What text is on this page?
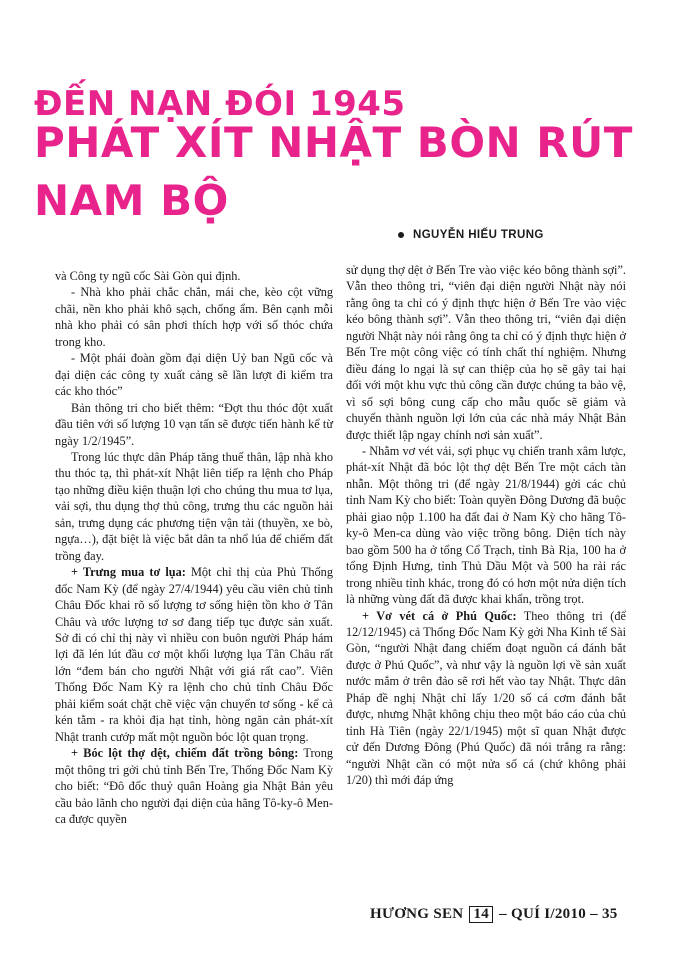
ĐẾN NẠN ĐÓI 1945
PHÁT XÍT NHẬT BÒN RÚT
NAM BỘ
NGUYỄN HIẾU TRUNG

và Công ty ngũ cốc Sài Gòn qui định.

- Nhà kho phải chắc chắn, mái che, kèo cột vững chãi, nền kho phải khô sạch, chống ẩm. Bên cạnh mỗi nhà kho phải có sân phơi thích hợp với số thóc chứa trong kho.

- Một phái đoàn gồm đại diện Uỷ ban Ngũ cốc và đại diện các công ty xuất cảng sẽ lần lượt đi kiểm tra các kho thóc”

Bản thông tri cho biết thêm: “Đợt thu thóc đột xuất đầu tiên với số lượng 10 vạn tấn sẽ được tiến hành kể từ ngày 1/2/1945”.

Trong lúc thực dân Pháp tăng thuế thân, lập nhà kho thu thóc tạ, thì phát-xít Nhật liên tiếp ra lệnh cho Pháp tạo những điều kiện thuận lợi cho chúng thu mua tơ lụa, vải sợi, thu dụng thợ thủ công, trưng thu các nguồn hải sản, trưng dụng các phương tiện vận tải (thuyền, xe bò, ngựa…), đặt biệt là việc bắt dân ta nhổ lúa để chiếm đất trồng đay.

+ Trưng mua tơ lụa: Một chỉ thị của Phủ Thống đốc Nam Kỳ (để ngày 27/4/1944) yêu cầu viên chủ tỉnh Châu Đốc khai rõ số lượng tơ sống hiện tồn kho ở Tân Châu và ước lượng tơ sơ đang tiếp tục được sản xuất. Sở đi có chỉ thị này vì nhiều con buôn người Pháp hám lợi đã lén lút đầu cơ một khối lượng lụa Tân Châu rất lớn “đem bán cho người Nhật với giá rất cao”. Viên Thống Đốc Nam Kỳ ra lệnh cho chủ tỉnh Châu Đốc phải kiểm soát chặt chẽ việc vận chuyển tơ sống - kể cả kén tằm - ra khỏi địa hạt tỉnh, hòng ngăn cản phát-xít Nhật tranh cướp mất một nguồn bóc lột quan trọng.

+ Bóc lột thợ dệt, chiếm đất trồng bông: Trong một thông tri gởi chủ tỉnh Bến Tre, Thống Đốc Nam Kỳ cho biết: “Đô đốc thuỷ quân Hoàng gia Nhật Bản yêu cầu bảo lãnh cho người đại diện của hãng Tô-ky-ô Men-ca được quyền

sử dụng thợ dệt ở Bến Tre vào việc kéo bông thành sợi”. Vẫn theo thông tri, “viên đại diện người Nhật này nói rằng ông ta chỉ có ý định thực hiện ở Bến Tre vào việc kéo bông thành sợi”. Vẫn theo thông tri, “viên đại diện người Nhật này nói rằng ông ta chỉ có ý định thực hiện ở Bến Tre một công việc có tính chất thí nghiệm. Nhưng điều đáng lo ngại là sự can thiệp của họ sẽ gây tai hại đối với một khu vực thủ công cần được chúng ta bảo vệ, vì số sợi bông cung cấp cho mẫu quốc sẽ giảm và chuyển thành nguồn lợi lớn của các nhà máy Nhật Bản được thiết lập ngay chính nơi sản xuất”.

- Nhằm vơ vét vải, sợi phục vụ chiến tranh xâm lược, phát-xít Nhật đã bóc lột thợ dệt Bến Tre một cách tàn nhẫn. Một thông tri (để ngày 21/8/1944) gởi các chủ tỉnh Nam Kỳ cho biết: Toàn quyền Đông Dương đã buộc phải giao nộp 1.100 ha đất đai ở Nam Kỳ cho hãng Tô-ky-ô Men-ca dùng vào việc trồng bông. Diện tích này bao gồm 500 ha ở tổng Cổ Trạch, tỉnh Bà Rịa, 100 ha ở tổng Định Hưng, tỉnh Thủ Dầu Một và 500 ha rải rác trong nhiều tỉnh khác, trong đó có hơn một nửa diện tích là những vùng đất đã được khai khẩn, trồng trọt.

+ Vơ vét cá ở Phú Quốc: Theo thông tri (để 12/12/1945) cả Thống Đốc Nam Kỳ gởi Nha Kinh tế Sài Gòn, “người Nhật đang chiếm đoạt nguồn cá đánh bắt được ở Phú Quốc”, và như vậy là nguồn lợi về sản xuất nước mắm ở trên đảo sẽ rơi hết vào tay Nhật. Thực dân Pháp đề nghị Nhật chỉ lấy 1/20 số cá cơm đánh bắt được, nhưng Nhật không chịu theo một báo cáo của chủ tỉnh Hà Tiên (ngày 22/1/1945) một sĩ quan Nhật được cử đến Dương Đông (Phú Quốc) đã nói trắng ra rằng: “người Nhật cần có một nửa số cá (chứ không phải 1/20) thì mới đáp ứng

HƯƠNG SEN 14 – QUÍ I/2010 – 35
